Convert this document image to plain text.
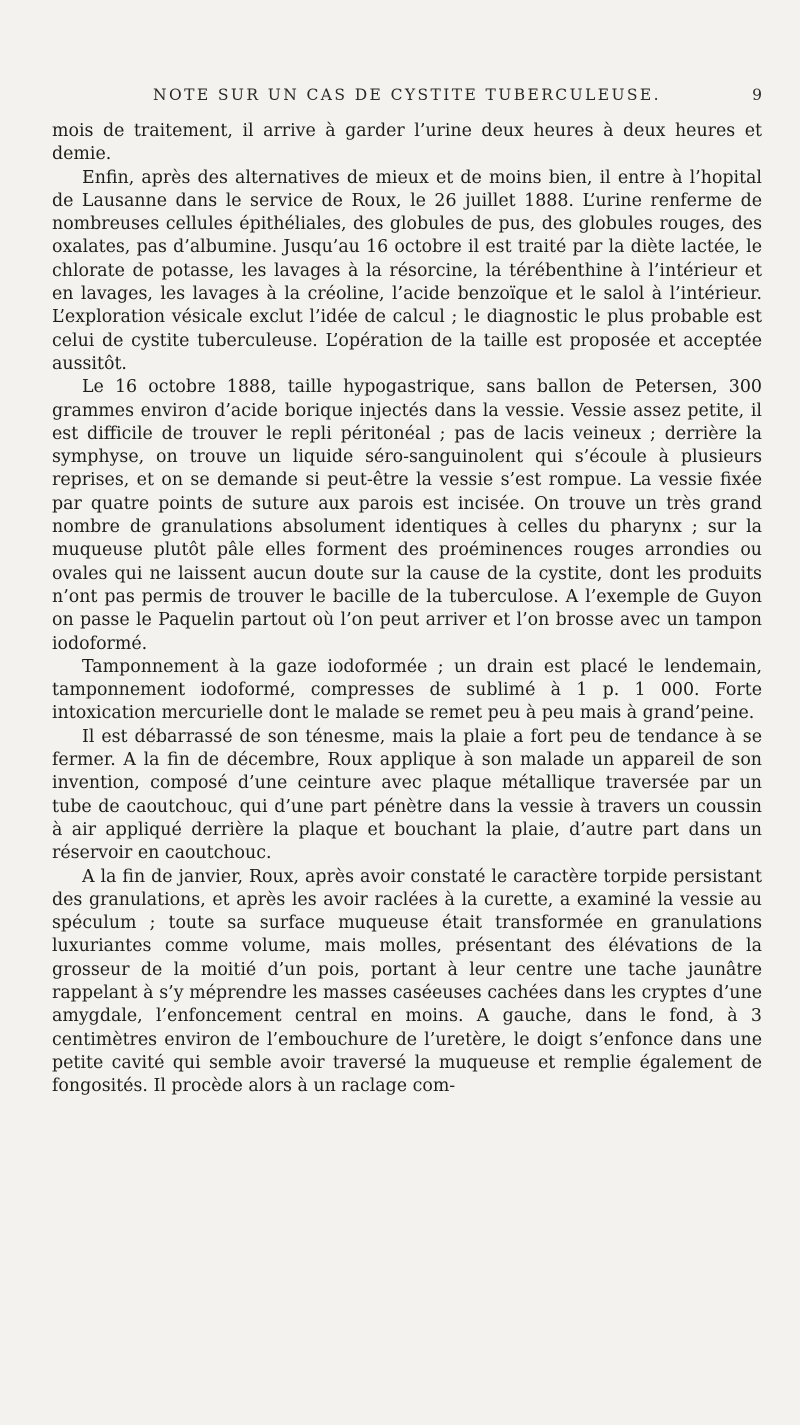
NOTE SUR UN CAS DE CYSTITE TUBERCULEUSE.	9

mois de traitement, il arrive à garder l’urine deux heures à deux heures et demie.

Enfin, après des alternatives de mieux et de moins bien, il entre à l’hopital de Lausanne dans le service de Roux, le 26 juillet 1888. L’urine renferme de nombreuses cellules épithéliales, des globules de pus, des globules rouges, des oxalates, pas d’albumine. Jusqu’au 16 octobre il est traité par la diète lactée, le chlorate de potasse, les lavages à la résorcine, la térébenthine à l’intérieur et en lavages, les lavages à la créoline, l’acide benzoïque et le salol à l’intérieur. L’exploration vésicale exclut l’idée de calcul ; le diagnostic le plus probable est celui de cystite tuberculeuse. L’opération de la taille est proposée et acceptée aussitôt.

Le 16 octobre 1888, taille hypogastrique, sans ballon de Petersen, 300 grammes environ d’acide borique injectés dans la vessie. Vessie assez petite, il est difficile de trouver le repli péritonéal ; pas de lacis veineux ; derrière la symphyse, on trouve un liquide séro-sanguinolent qui s’écoule à plusieurs reprises, et on se demande si peut-être la vessie s’est rompue. La vessie fixée par quatre points de suture aux parois est incisée. On trouve un très grand nombre de granulations absolument identiques à celles du pharynx ; sur la muqueuse plutôt pâle elles forment des proéminences rouges arrondies ou ovales qui ne laissent aucun doute sur la cause de la cystite, dont les produits n’ont pas permis de trouver le bacille de la tuberculose. A l’exemple de Guyon on passe le Paquelin partout où l’on peut arriver et l’on brosse avec un tampon iodoformé.

Tamponnement à la gaze iodoformée ; un drain est placé le lendemain, tamponnement iodoformé, compresses de sublimé à 1 p. 1 000. Forte intoxication mercurielle dont le malade se remet peu à peu mais à grand’peine.

Il est débarrassé de son ténesme, mais la plaie a fort peu de tendance à se fermer. A la fin de décembre, Roux applique à son malade un appareil de son invention, composé d’une ceinture avec plaque métallique traversée par un tube de caoutchouc, qui d’une part pénètre dans la vessie à travers un coussin à air appliqué derrière la plaque et bouchant la plaie, d’autre part dans un réservoir en caoutchouc.

A la fin de janvier, Roux, après avoir constaté le caractère torpide persistant des granulations, et après les avoir raclées à la curette, a examiné la vessie au spéculum ; toute sa surface muqueuse était transformée en granulations luxuriantes comme volume, mais molles, présentant des élévations de la grosseur de la moitié d’un pois, portant à leur centre une tache jaunâtre rappelant à s’y méprendre les masses caséeuses cachées dans les cryptes d’une amygdale, l’enfoncement central en moins. A gauche, dans le fond, à 3 centimètres environ de l’embouchure de l’uretère, le doigt s’enfonce dans une petite cavité qui semble avoir traversé la muqueuse et remplie également de fongosités. Il procède alors à un raclage com-
